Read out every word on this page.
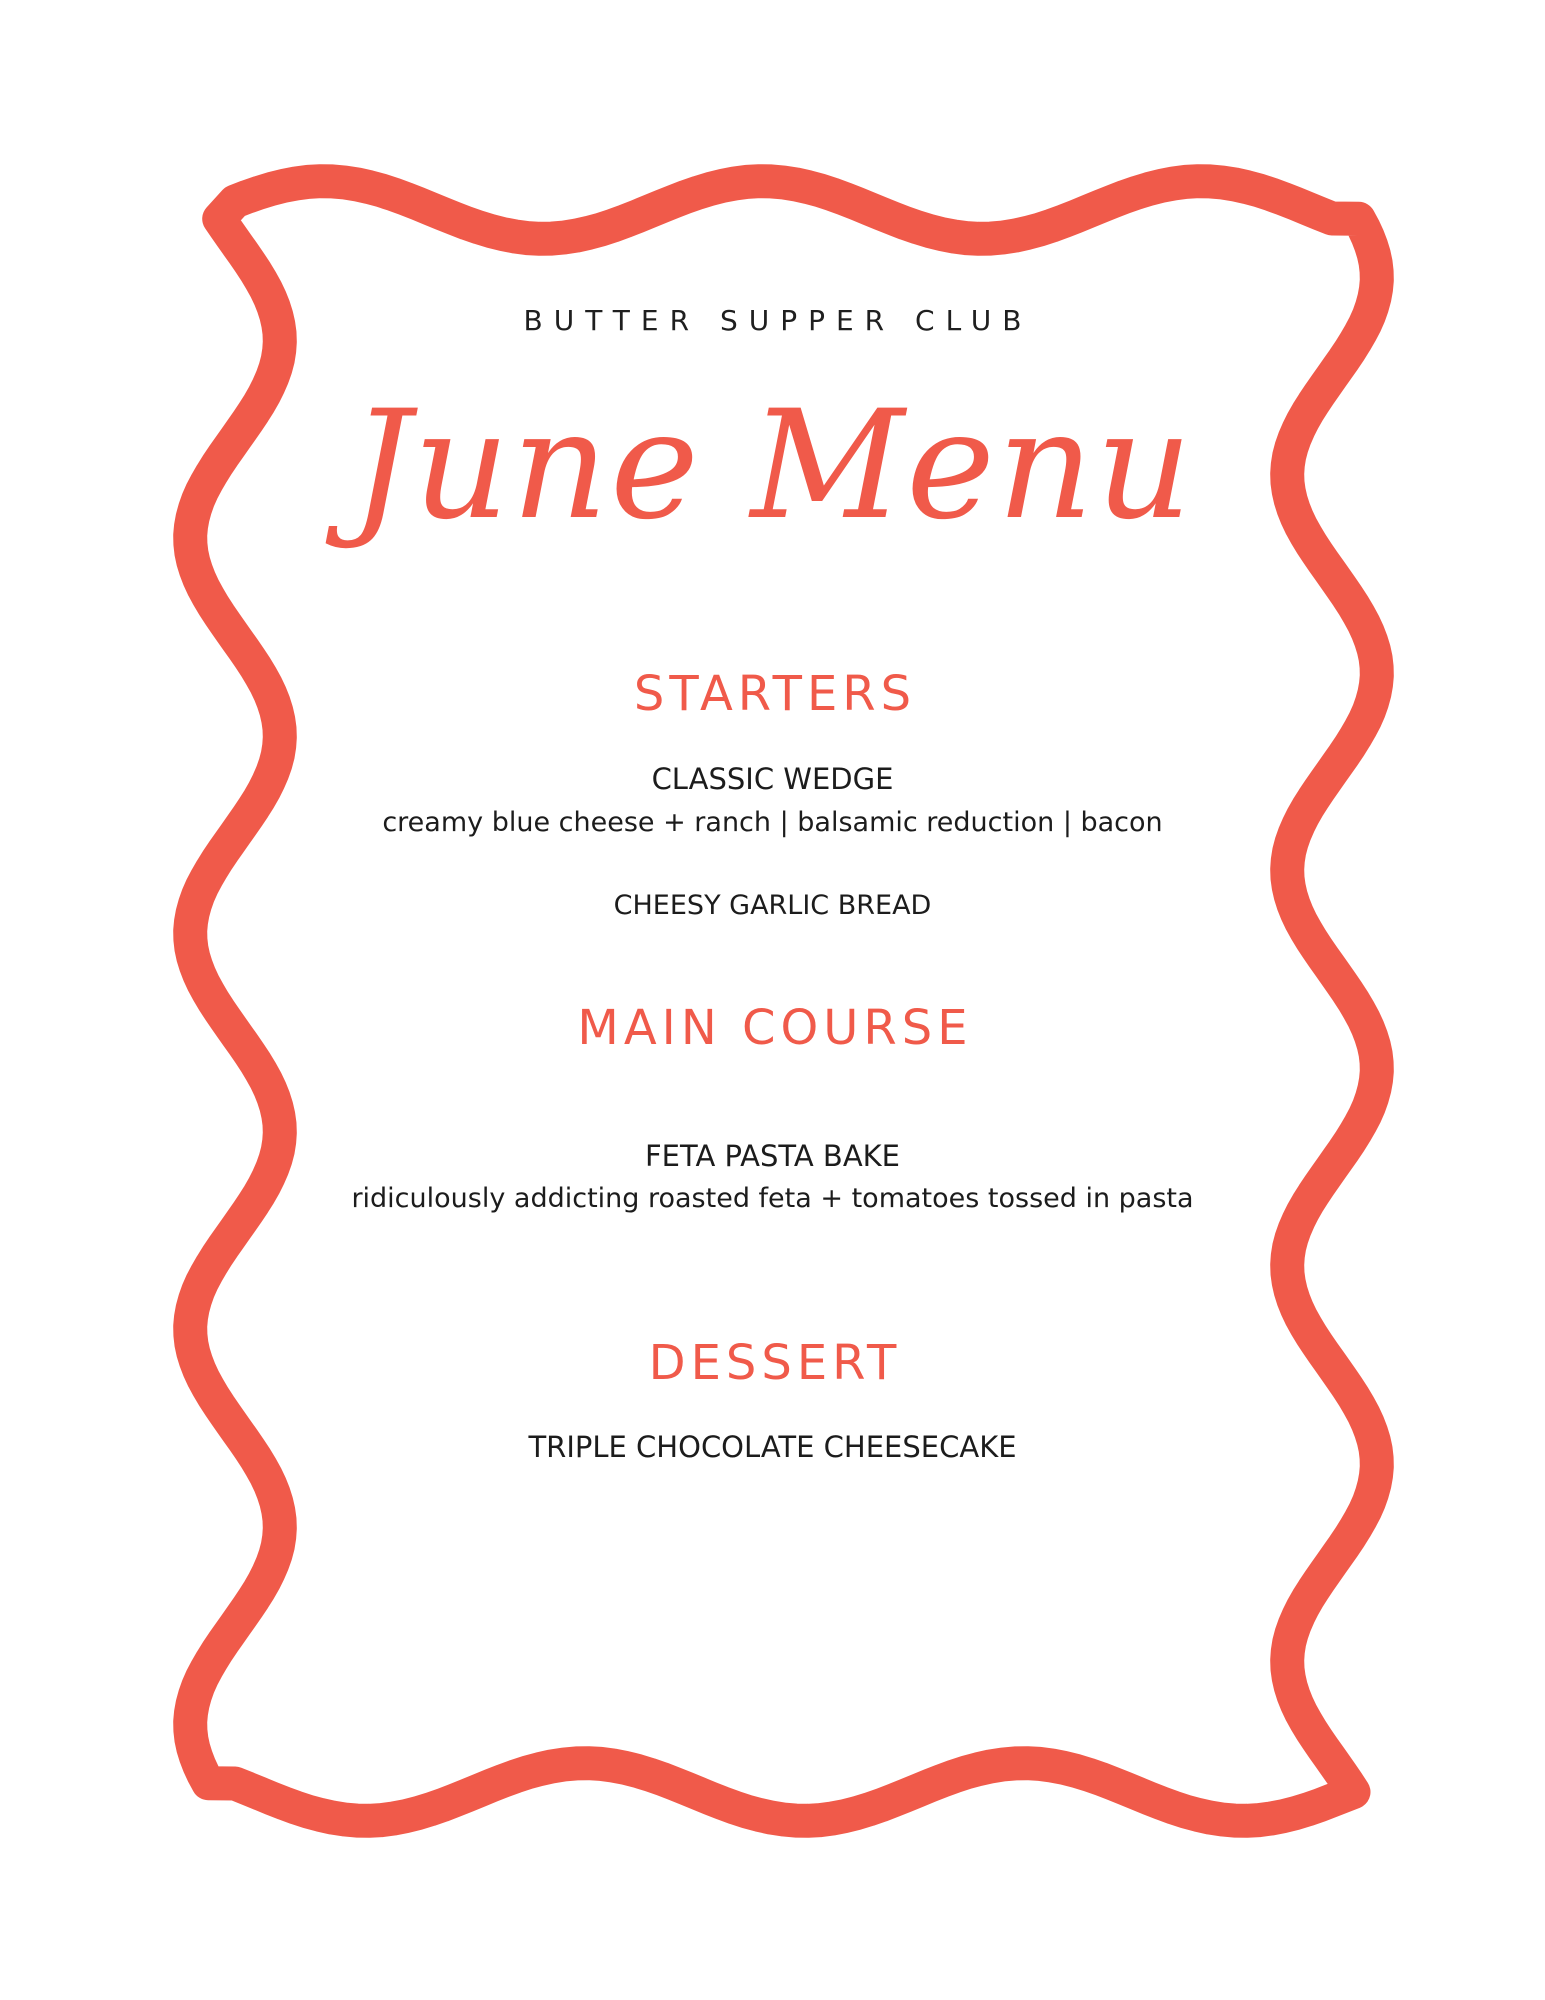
BUTTER SUPPER CLUB
June Menu
STARTERS
CLASSIC WEDGE
creamy blue cheese + ranch | balsamic reduction | bacon
CHEESY GARLIC BREAD
MAIN COURSE
FETA PASTA BAKE
ridiculously addicting roasted feta + tomatoes tossed in pasta
DESSERT
TRIPLE CHOCOLATE CHEESECAKE
